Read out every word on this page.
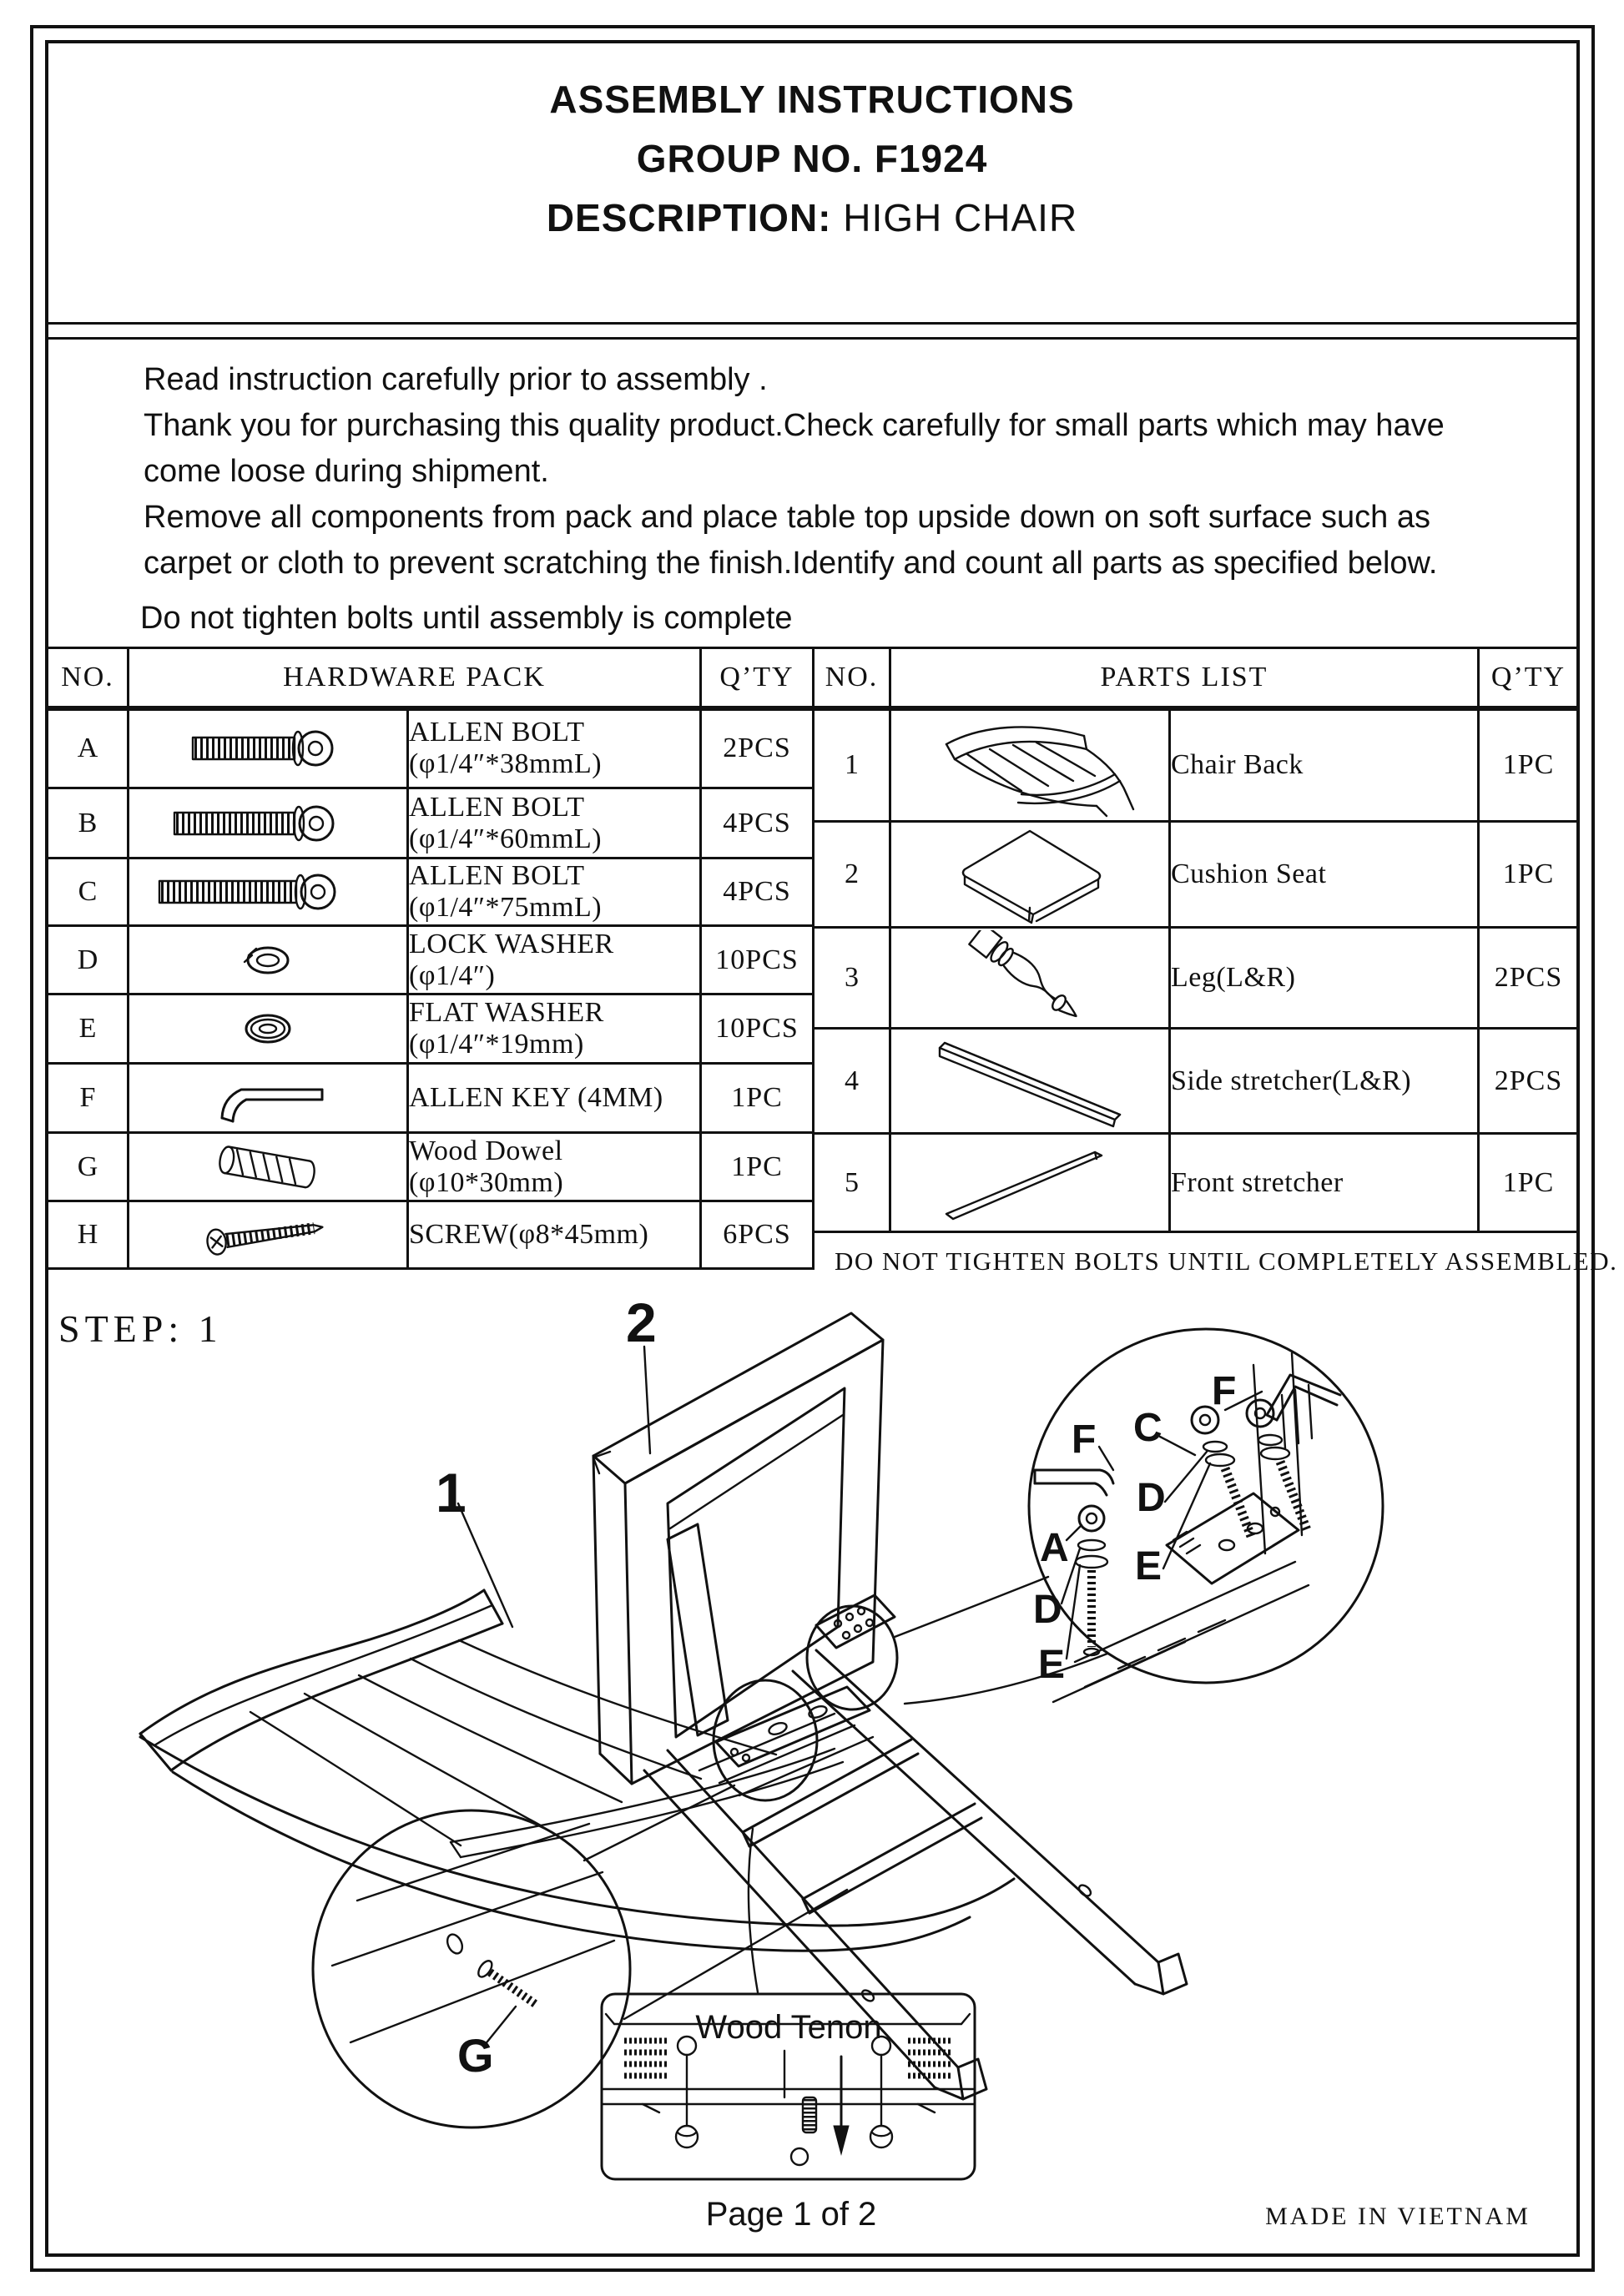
ASSEMBLY INSTRUCTIONS
GROUP NO. F1924
DESCRIPTION: HIGH CHAIR
Read instruction carefully prior to assembly .
Thank you for purchasing this quality product.Check carefully for small parts which may have
come loose during shipment.
Remove all components from pack and place table top upside down on soft surface such as
carpet or cloth to prevent scratching the finish.Identify and count all parts as specified below.
Do not tighten bolts until assembly is complete
NO.	HARDWARE PACK		Q’TY
A		ALLEN BOLT (φ1/4″*38mmL)	2PCS
B		ALLEN BOLT (φ1/4″*60mmL)	4PCS
C		ALLEN BOLT (φ1/4″*75mmL)	4PCS
D		LOCK WASHER (φ1/4″)	10PCS
E		FLAT WASHER (φ1/4″*19mm)	10PCS
F		ALLEN KEY (4MM)	1PC
G		Wood Dowel (φ10*30mm)	1PC
H		SCREW(φ8*45mm)	6PCS
NO.	PARTS LIST		Q’TY
1		Chair Back	1PC
2		Cushion Seat	1PC
3		Leg(L&R)	2PCS
4		Side stretcher(L&R)	2PCS
5		Front stretcher	1PC
DO NOT TIGHTEN BOLTS UNTIL COMPLETELY ASSEMBLED.
STEP: 1	2
1
F C
F
D
E
A
D
E
G
Wood Tenon
Page 1 of 2	MADE IN VIETNAM
